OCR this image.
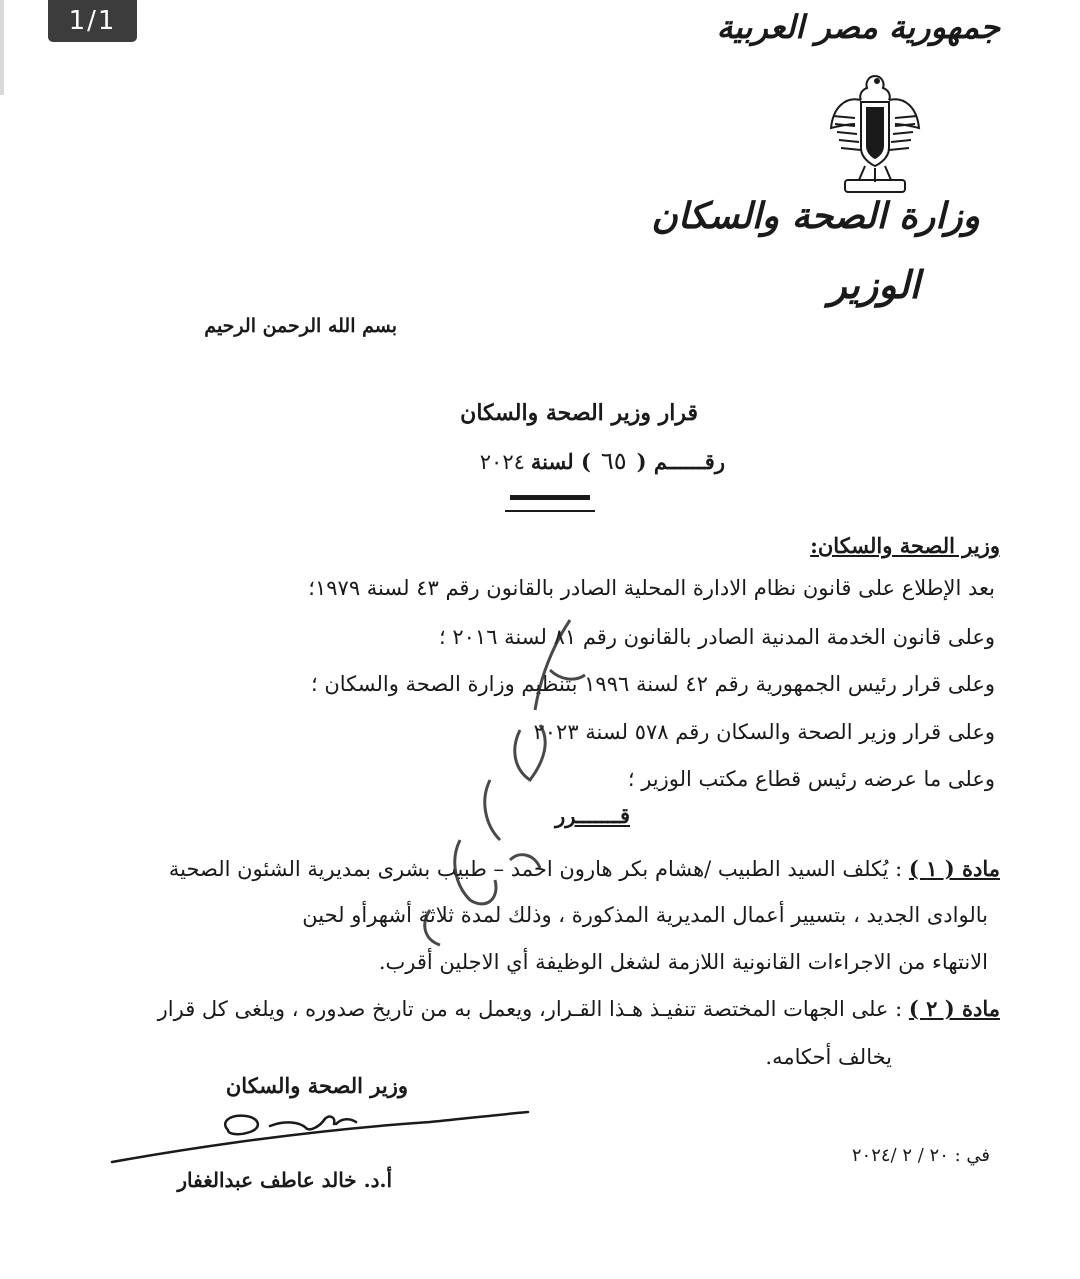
1/1	جمهورية مصر العربية
وزارة الصحة والسكان
الوزير
بسم الله الرحمن الرحيم
قرار وزير الصحة والسكان
رقــــــم (٦٥) لسنة٢٠٢٤
وزير الصحة والسكان:
بعد الإطلاع على قانون نظام الادارة المحلية الصادر بالقانون رقم ٤٣ لسنة ١٩٧٩؛
وعلى قانون الخدمة المدنية الصادر بالقانون رقم ٨١ لسنة ٢٠١٦ ؛
وعلى قرار رئيس الجمهورية رقم ٤٢ لسنة ١٩٩٦ بتنظيم وزارة الصحة والسكان ؛
وعلى قرار وزير الصحة والسكان رقم ٥٧٨ لسنة ٢٠٢٣
وعلى ما عرضه رئيس قطاع مكتب الوزير ؛
قـــــــرر
مادة ( ١ ) : يُكلف السيد الطبيب /هشام بكر هارون احمد – طبيب بشرى بمديرية الشئون الصحية
بالوادى الجديد ، بتسيير أعمال المديرية المذكورة ، وذلك لمدة ثلاثة أشهرأو لحين
الانتهاء من الاجراءات القانونية اللازمة لشغل الوظيفة أي الاجلين أقرب.
مادة ( ٢ ) : على الجهات المختصة تنفيـذ هـذا القـرار، ويعمل به من تاريخ صدوره ، ويلغى كل قرار
يخالف أحكامه.
وزير الصحة والسكان
في : ٢٠ / ٢ /٢٠٢٤
أ.د. خالد عاطف عبدالغفار
